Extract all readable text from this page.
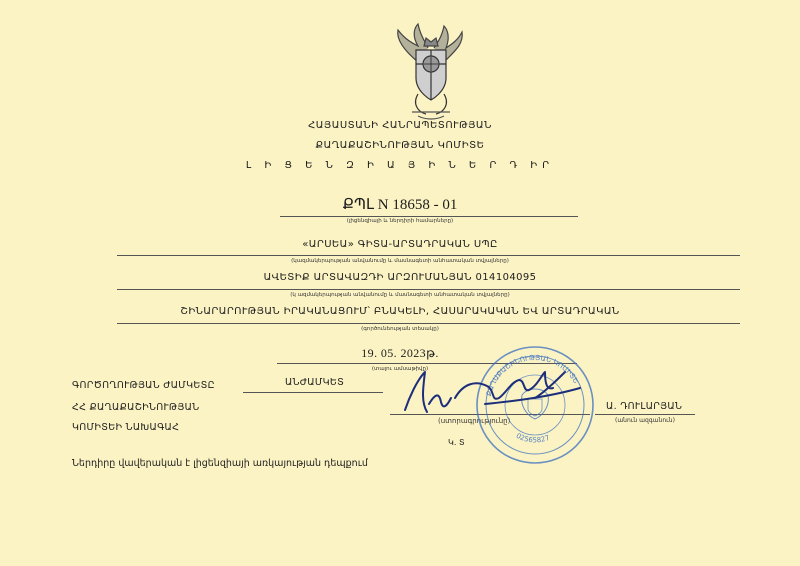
ՀԱՅԱՍՏԱՆԻ ՀԱՆՐԱՊԵՏՈՒԹՅԱՆ
ՔԱՂԱՔԱՇԻՆՈՒԹՅԱՆ ԿՈՄԻՏԵ
Լ Ի Ց Ե Ն Զ Ի Ա Յ Ի Ն Ե Ր Դ ԻՐ
ՔՊԼ N 18658 - 01
(լիցենզիայի և ներդիրի համարները)
«ԱՐՍԵԱ» ԳԻՏԱ-ԱՐՏԱԴՐԱԿԱՆ ՍՊԸ
(կազմակերպության անվանումը և մասնագետի անհատական տվյալները)
ԱՎԵՏԻՔ ԱՐՏԱՎԱԶԴԻ ԱՐԶՈՒՄԱՆՅԱՆ 014104095
(կ ազմակերպության անվանումը և մասնագետի անհատական տվյալները)
ՇԻՆԱՐԱՐՈՒԹՅԱՆ ԻՐԱԿԱՆԱՑՈՒՄ՝ ԲՆԱԿԵԼԻ, ՀԱՍԱՐԱԿԱԿԱՆ ԵՎ ԱՐՏԱԴՐԱԿԱՆ
(գործունեության տեսակը)
19. 05. 2023թ.
(տալու ամսաթիվը)
ԳՈՐԾՈՂՈՒԹՅԱՆ ԺԱՄԿԵՏԸ	ԱՆԺԱՄԿԵՏ
ՀՀ ՔԱՂԱՔԱՇԻՆՈՒԹՅԱՆ
ԿՈՄԻՏԵԻ ՆԱԽԱԳԱՀ
(ստորագրությունը)
Կ. Տ
Ա. ԴՈՒԼԱՐՅԱՆ
(անուն ազգանուն)
Ներդիրը վավերական է լիցենզիայի առկայության դեպքում
ՔԱՂԱՔԱՇԻՆՈՒԹՅԱՆ ԿՈՄԻՏԵ
02565827
